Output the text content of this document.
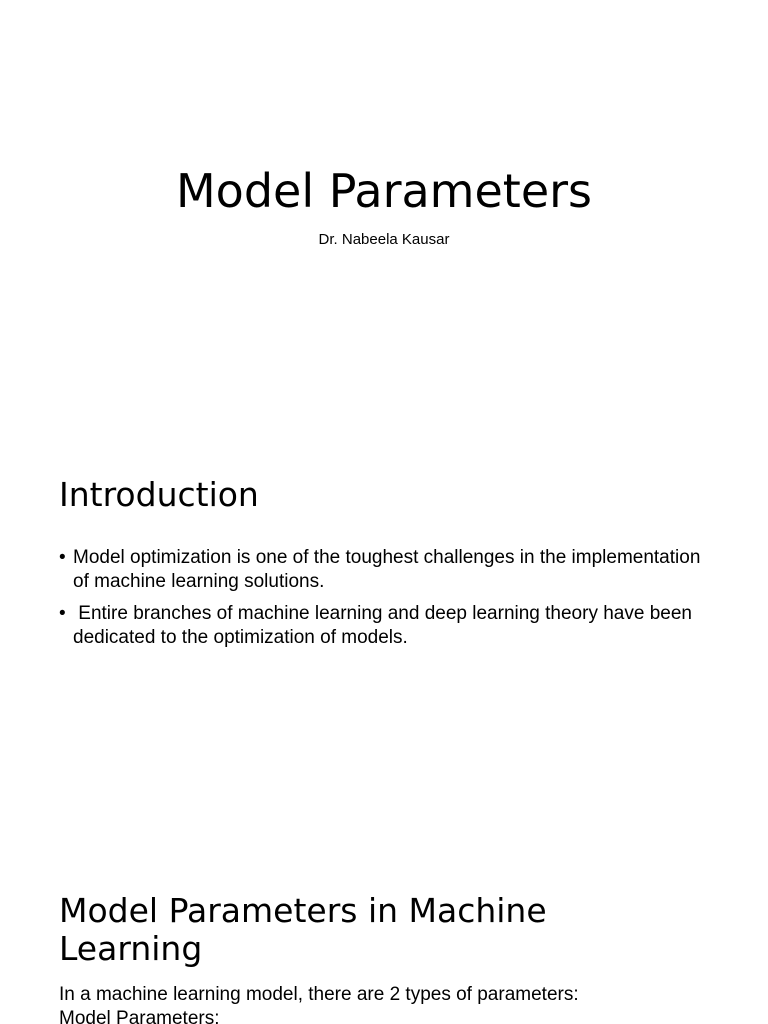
Model Parameters

Dr. Nabeela Kausar

Introduction
• Model optimization is one of the toughest challenges in the implementation of machine learning solutions.
• Entire branches of machine learning and deep learning theory have been dedicated to the optimization of models.
Model Parameters in Machine Learning

In a machine learning model, there are 2 types of parameters:

Model Parameters:
